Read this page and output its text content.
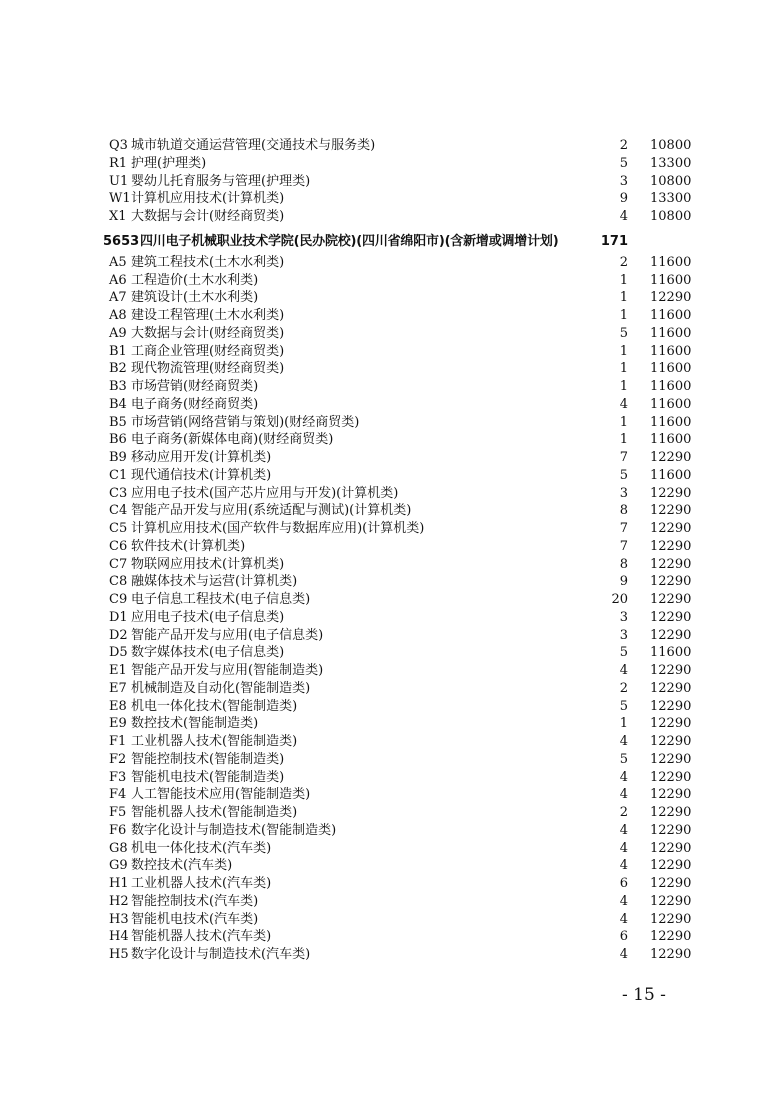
Q3 城市轨道交通运营管理(交通技术与服务类)	2 10800
R1 护理(护理类)	5 13300
U1 婴幼儿托育服务与管理(护理类)	3 10800
W1 计算机应用技术(计算机类)	9 13300
X1 大数据与会计(财经商贸类)	4 10800
5653 四川电子机械职业技术学院(民办院校)(四川省绵阳市)(含新增或调增计划)	171
A5 建筑工程技术(土木水利类)	2 11600
A6 工程造价(土木水利类)	1 11600
A7 建筑设计(土木水利类)	1 12290
A8 建设工程管理(土木水利类)	1 11600
A9 大数据与会计(财经商贸类)	5 11600
B1 工商企业管理(财经商贸类)	1 11600
B2 现代物流管理(财经商贸类)	1 11600
B3 市场营销(财经商贸类)	1 11600
B4 电子商务(财经商贸类)	4 11600
B5 市场营销(网络营销与策划)(财经商贸类)	1 11600
B6 电子商务(新媒体电商)(财经商贸类)	1 11600
B9 移动应用开发(计算机类)	7 12290
C1 现代通信技术(计算机类)	5 11600
C3 应用电子技术(国产芯片应用与开发)(计算机类)	3 12290
C4 智能产品开发与应用(系统适配与测试)(计算机类)	8 12290
C5 计算机应用技术(国产软件与数据库应用)(计算机类)	7 12290
C6 软件技术(计算机类)	7 12290
C7 物联网应用技术(计算机类)	8 12290
C8 融媒体技术与运营(计算机类)	9 12290
C9 电子信息工程技术(电子信息类)	20 12290
D1 应用电子技术(电子信息类)	3 12290
D2 智能产品开发与应用(电子信息类)	3 12290
D5 数字媒体技术(电子信息类)	5 11600
E1 智能产品开发与应用(智能制造类)	4 12290
E7 机械制造及自动化(智能制造类)	2 12290
E8 机电一体化技术(智能制造类)	5 12290
E9 数控技术(智能制造类)	1 12290
F1 工业机器人技术(智能制造类)	4 12290
F2 智能控制技术(智能制造类)	5 12290
F3 智能机电技术(智能制造类)	4 12290
F4 人工智能技术应用(智能制造类)	4 12290
F5 智能机器人技术(智能制造类)	2 12290
F6 数字化设计与制造技术(智能制造类)	4 12290
G8 机电一体化技术(汽车类)	4 12290
G9 数控技术(汽车类)	4 12290
H1 工业机器人技术(汽车类)	6 12290
H2 智能控制技术(汽车类)	4 12290
H3 智能机电技术(汽车类)	4 12290
H4 智能机器人技术(汽车类)	6 12290
H5 数字化设计与制造技术(汽车类)	4 12290
- 15 -
